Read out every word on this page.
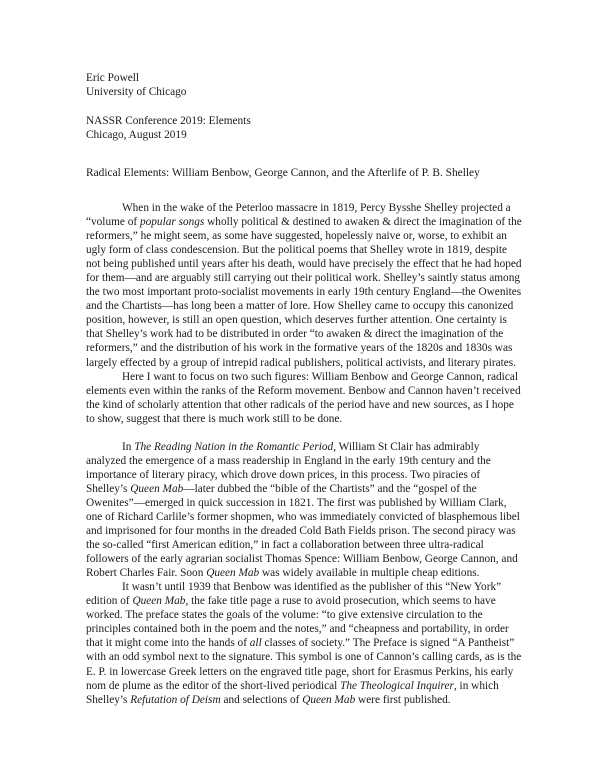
Eric Powell
University of Chicago
NASSR Conference 2019: Elements
Chicago, August 2019
Radical Elements: William Benbow, George Cannon, and the Afterlife of P. B. Shelley

When in the wake of the Peterloo massacre in 1819, Percy Bysshe Shelley projected a “volume of popular songs wholly political & destined to awaken & direct the imagination of the reformers,” he might seem, as some have suggested, hopelessly naive or, worse, to exhibit an ugly form of class condescension. But the political poems that Shelley wrote in 1819, despite not being published until years after his death, would have precisely the effect that he had hoped for them—and are arguably still carrying out their political work. Shelley’s saintly status among the two most important proto-socialist movements in early 19th century England—the Owenites and the Chartists—has long been a matter of lore. How Shelley came to occupy this canonized position, however, is still an open question, which deserves further attention. One certainty is that Shelley’s work had to be distributed in order “to awaken & direct the imagination of the reformers,” and the distribution of his work in the formative years of the 1820s and 1830s was largely effected by a group of intrepid radical publishers, political activists, and literary pirates.

Here I want to focus on two such figures: William Benbow and George Cannon, radical elements even within the ranks of the Reform movement. Benbow and Cannon haven’t received the kind of scholarly attention that other radicals of the period have and new sources, as I hope to show, suggest that there is much work still to be done.

In The Reading Nation in the Romantic Period, William St Clair has admirably analyzed the emergence of a mass readership in England in the early 19th century and the importance of literary piracy, which drove down prices, in this process. Two piracies of Shelley’s Queen Mab—later dubbed the “bible of the Chartists” and the “gospel of the Owenites”—emerged in quick succession in 1821. The first was published by William Clark, one of Richard Carlile’s former shopmen, who was immediately convicted of blasphemous libel and imprisoned for four months in the dreaded Cold Bath Fields prison. The second piracy was the so-called “first American edition,” in fact a collaboration between three ultra-radical followers of the early agrarian socialist Thomas Spence: William Benbow, George Cannon, and Robert Charles Fair. Soon Queen Mab was widely available in multiple cheap editions.

It wasn’t until 1939 that Benbow was identified as the publisher of this “New York” edition of Queen Mab, the fake title page a ruse to avoid prosecution, which seems to have worked. The preface states the goals of the volume: “to give extensive circulation to the principles contained both in the poem and the notes,” and “cheapness and portability, in order that it might come into the hands of all classes of society.” The Preface is signed “A Pantheist” with an odd symbol next to the signature. This symbol is one of Cannon’s calling cards, as is the E. P. in lowercase Greek letters on the engraved title page, short for Erasmus Perkins, his early nom de plume as the editor of the short-lived periodical The Theological Inquirer, in which Shelley’s Refutation of Deism and selections of Queen Mab were first published.
